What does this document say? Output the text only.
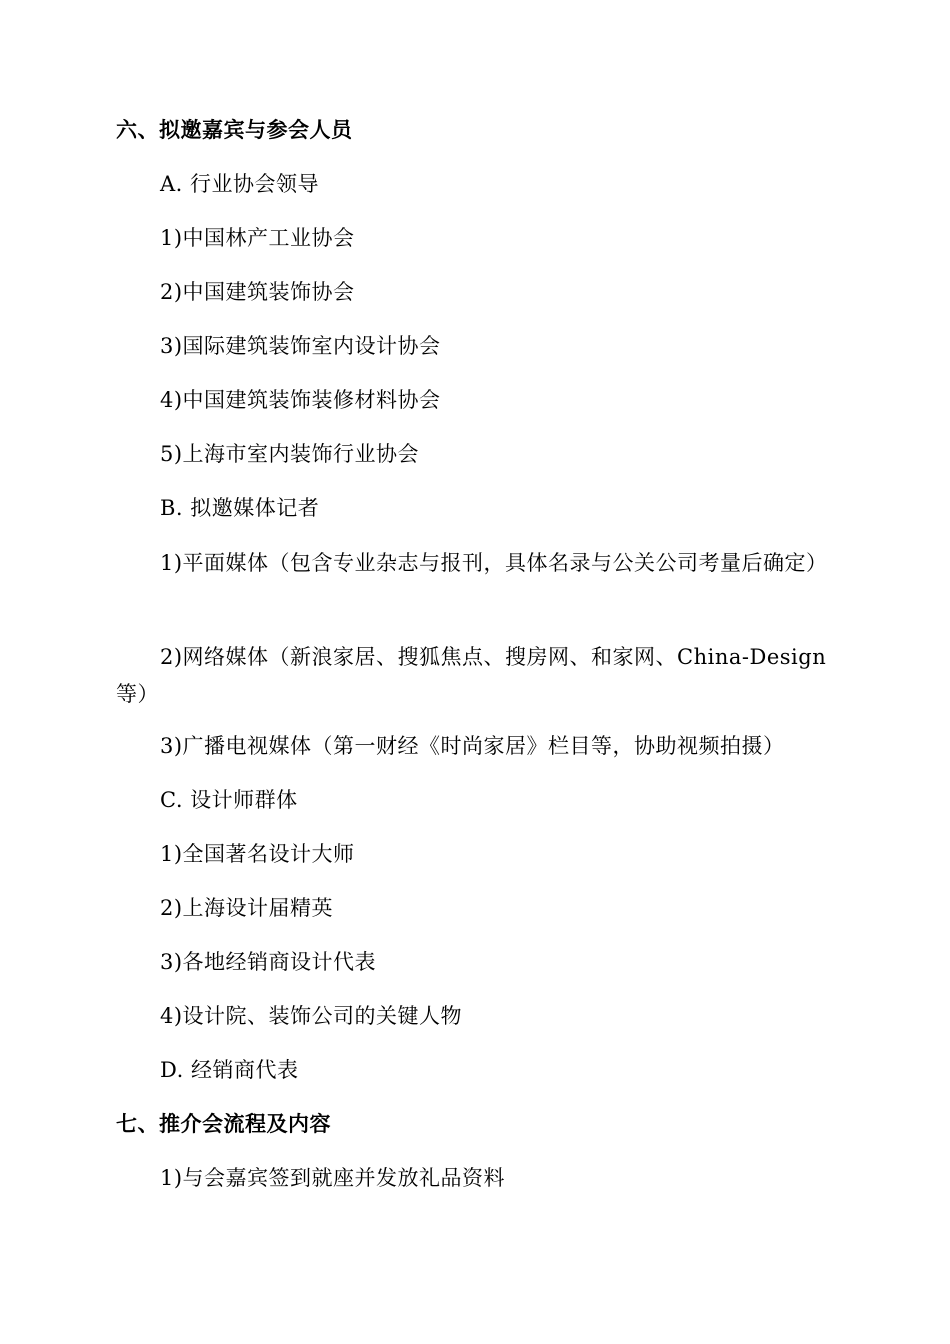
六、拟邀嘉宾与参会人员
A. 行业协会领导
1)中国林产工业协会
2)中国建筑装饰协会
3)国际建筑装饰室内设计协会
4)中国建筑装饰装修材料协会
5)上海市室内装饰行业协会
B. 拟邀媒体记者
1)平面媒体（包含专业杂志与报刊，具体名录与公关公司考量后确定）
2)网络媒体（新浪家居、搜狐焦点、搜房网、和家网、China-Design等）
3)广播电视媒体（第一财经《时尚家居》栏目等，协助视频拍摄）
C. 设计师群体
1)全国著名设计大师
2)上海设计届精英
3)各地经销商设计代表
4)设计院、装饰公司的关键人物
D. 经销商代表
七、推介会流程及内容
1)与会嘉宾签到就座并发放礼品资料
